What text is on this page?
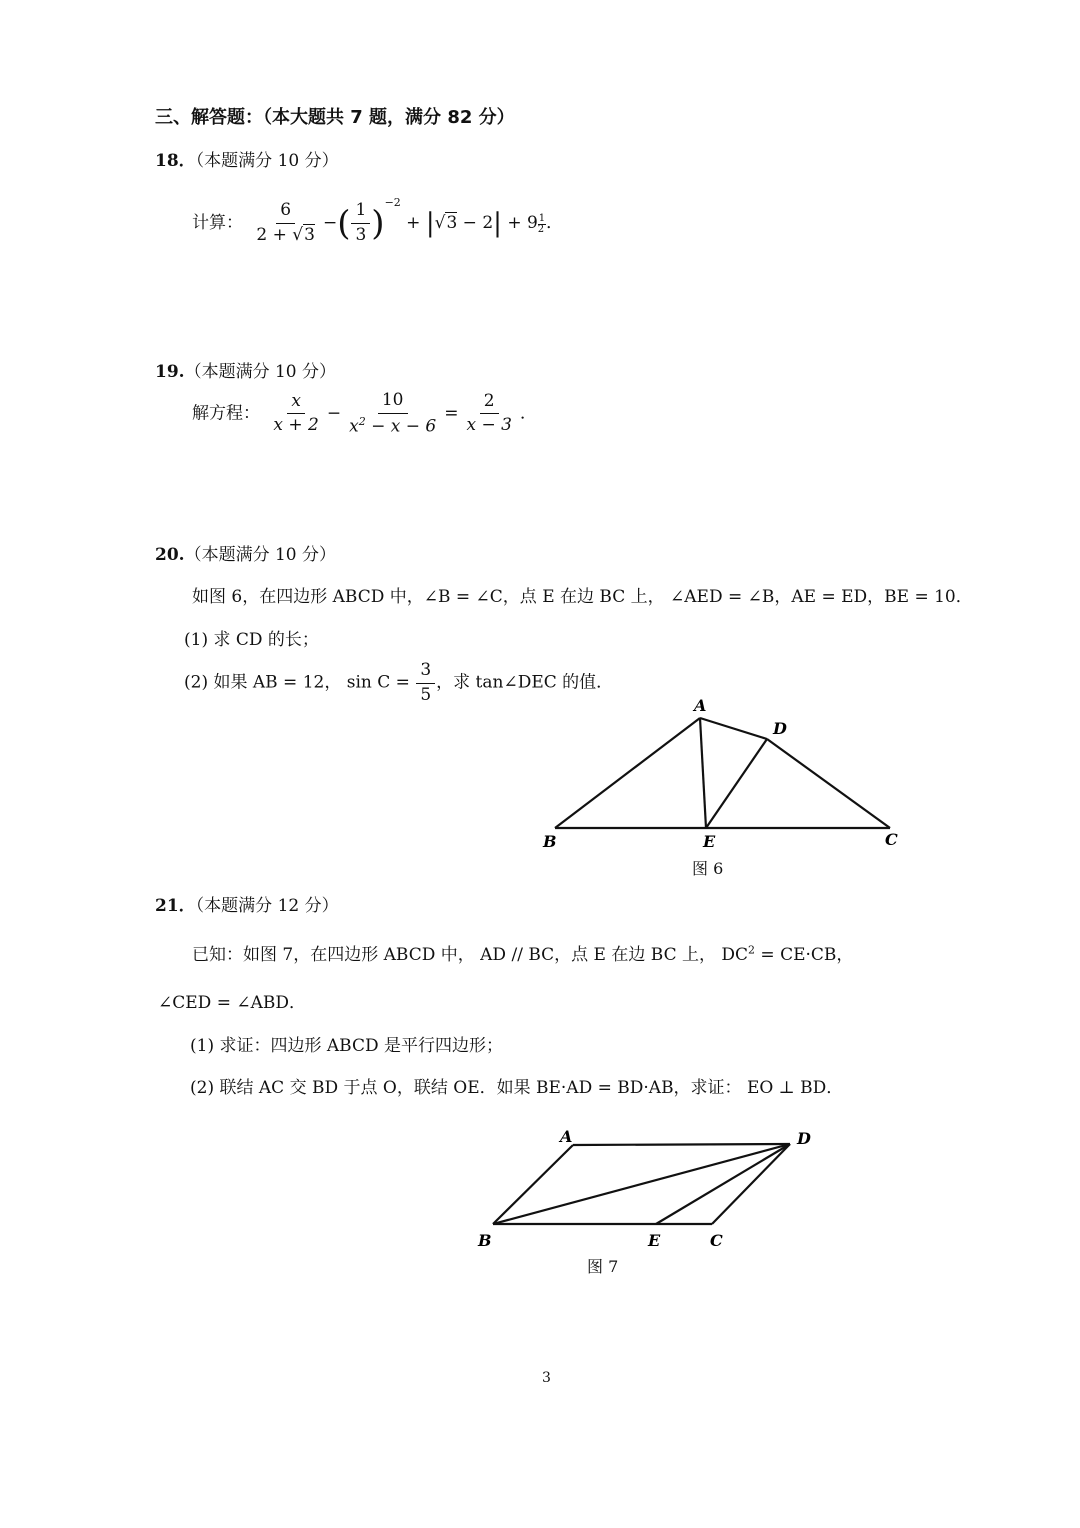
三、解答题：（本大题共 7 题，满分 82 分）
18．（本题满分 10 分）
计算： $\frac{6}{2 + √3}$ −( $\frac{1}{3} )^{-2} + |√3 - 2| + 9 \frac{1}{2}$ ．
19.（本题满分 10 分）
解方程： $\frac{x}{x + 2} - \frac{10}{x^2 - x - 6} = \frac{2}{x - 3}$ ．
20.（本题满分 10 分）
如图 6，在四边形 ABCD 中，∠B = ∠C，点 E 在边 BC 上， ∠AED = ∠B，AE = ED，BE = 10．
(1) 求 CD 的长；
(2) 如果 AB = 12， $\sin C = \frac{3}{5}$ ，求 tan∠DEC 的值．
A
D
B	E	C
图 6
21．（本题满分 12 分）
已知：如图 7，在四边形 ABCD 中， AD // BC，点 E 在边 BC 上， $DC^2 = CE\cdot CB$，
∠CED = ∠ABD．
(1) 求证：四边形 ABCD 是平行四边形；
(2) 联结 AC 交 BD 于点 O，联结 OE．如果 BE·AD = BD·AB，求证： EO ⊥ BD．
A	D
B	E	C
图 7
3
